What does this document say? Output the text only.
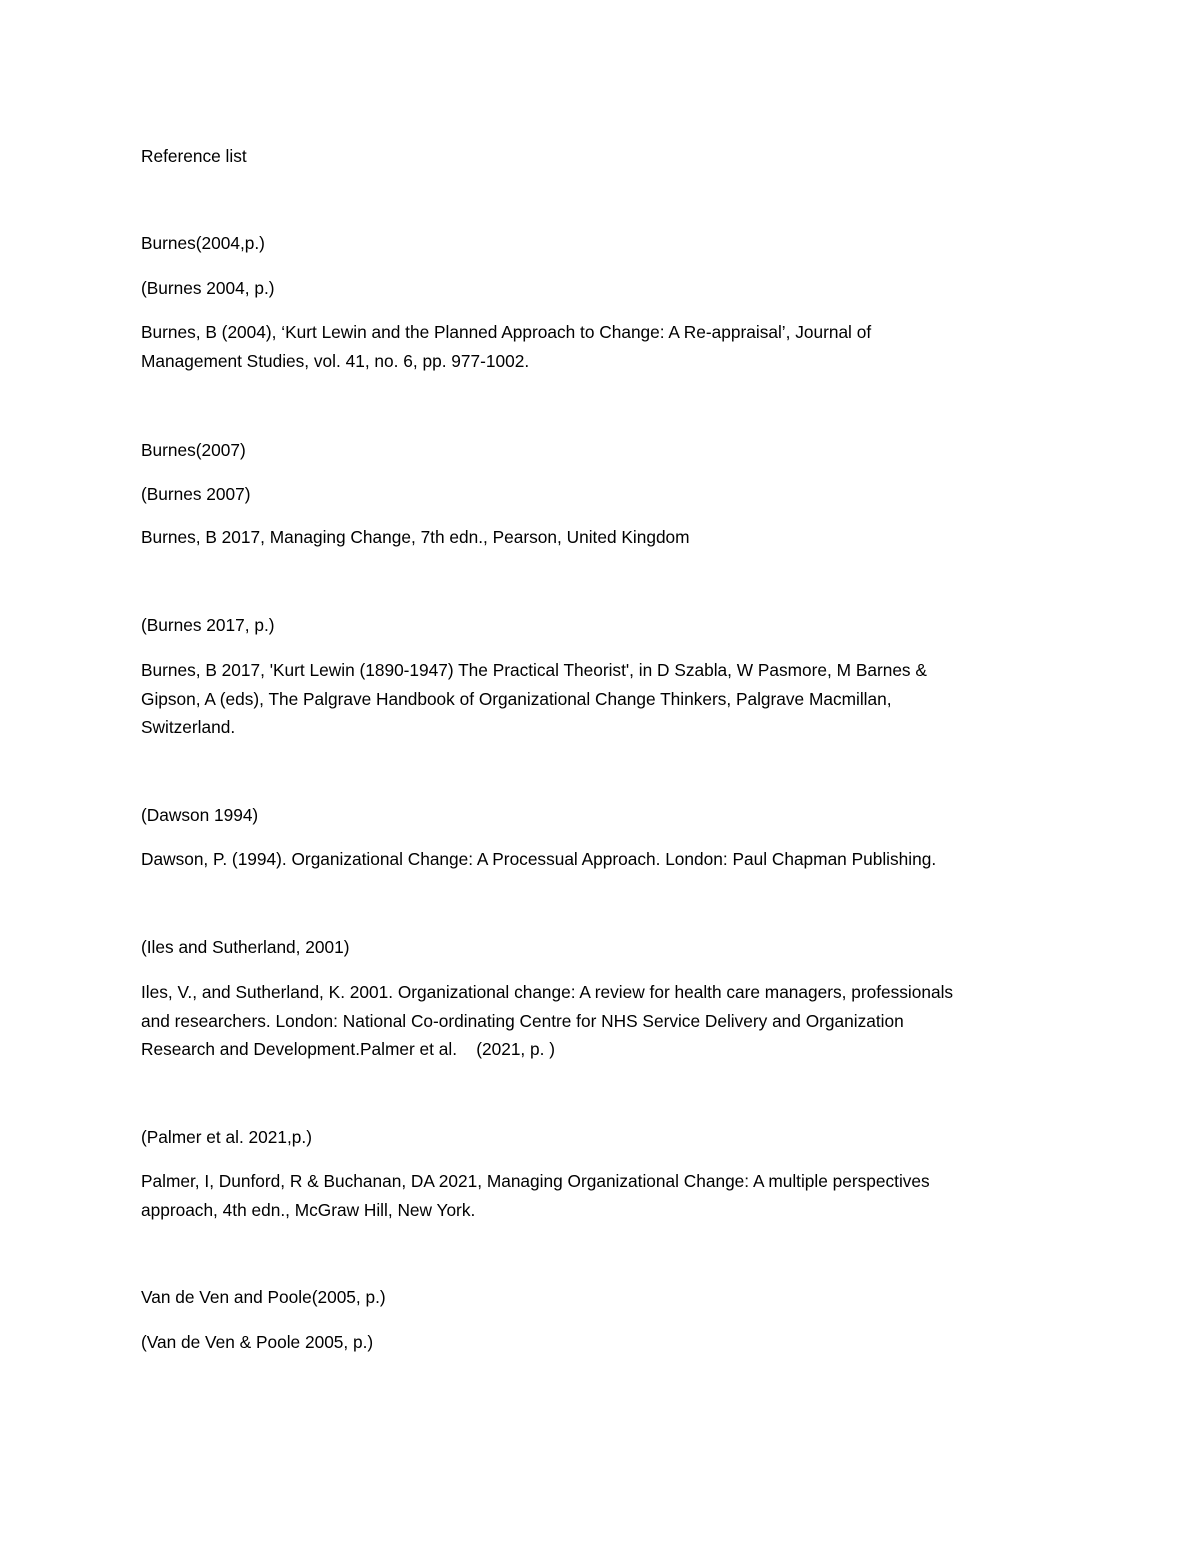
Reference list
Burnes(2004,p.)
(Burnes 2004, p.)
Burnes, B (2004), ‘Kurt Lewin and the Planned Approach to Change: A Re-appraisal’, Journal of
Management Studies, vol. 41, no. 6, pp. 977-1002.
Burnes(2007)
(Burnes 2007)
Burnes, B 2017, Managing Change, 7th edn., Pearson, United Kingdom
(Burnes 2017, p.)
Burnes, B 2017, 'Kurt Lewin (1890-1947) The Practical Theorist', in D Szabla, W Pasmore, M Barnes &
Gipson, A (eds), The Palgrave Handbook of Organizational Change Thinkers, Palgrave Macmillan,
Switzerland.
(Dawson 1994)
Dawson, P. (1994). Organizational Change: A Processual Approach. London: Paul Chapman Publishing.
(Iles and Sutherland, 2001)
Iles, V., and Sutherland, K. 2001. Organizational change: A review for health care managers, professionals
and researchers. London: National Co-ordinating Centre for NHS Service Delivery and Organization
Research and Development.Palmer et al.    (2021, p. )
(Palmer et al. 2021,p.)
Palmer, I, Dunford, R & Buchanan, DA 2021, Managing Organizational Change: A multiple perspectives
approach, 4th edn., McGraw Hill, New York.
Van de Ven and Poole(2005, p.)
(Van de Ven & Poole 2005, p.)
